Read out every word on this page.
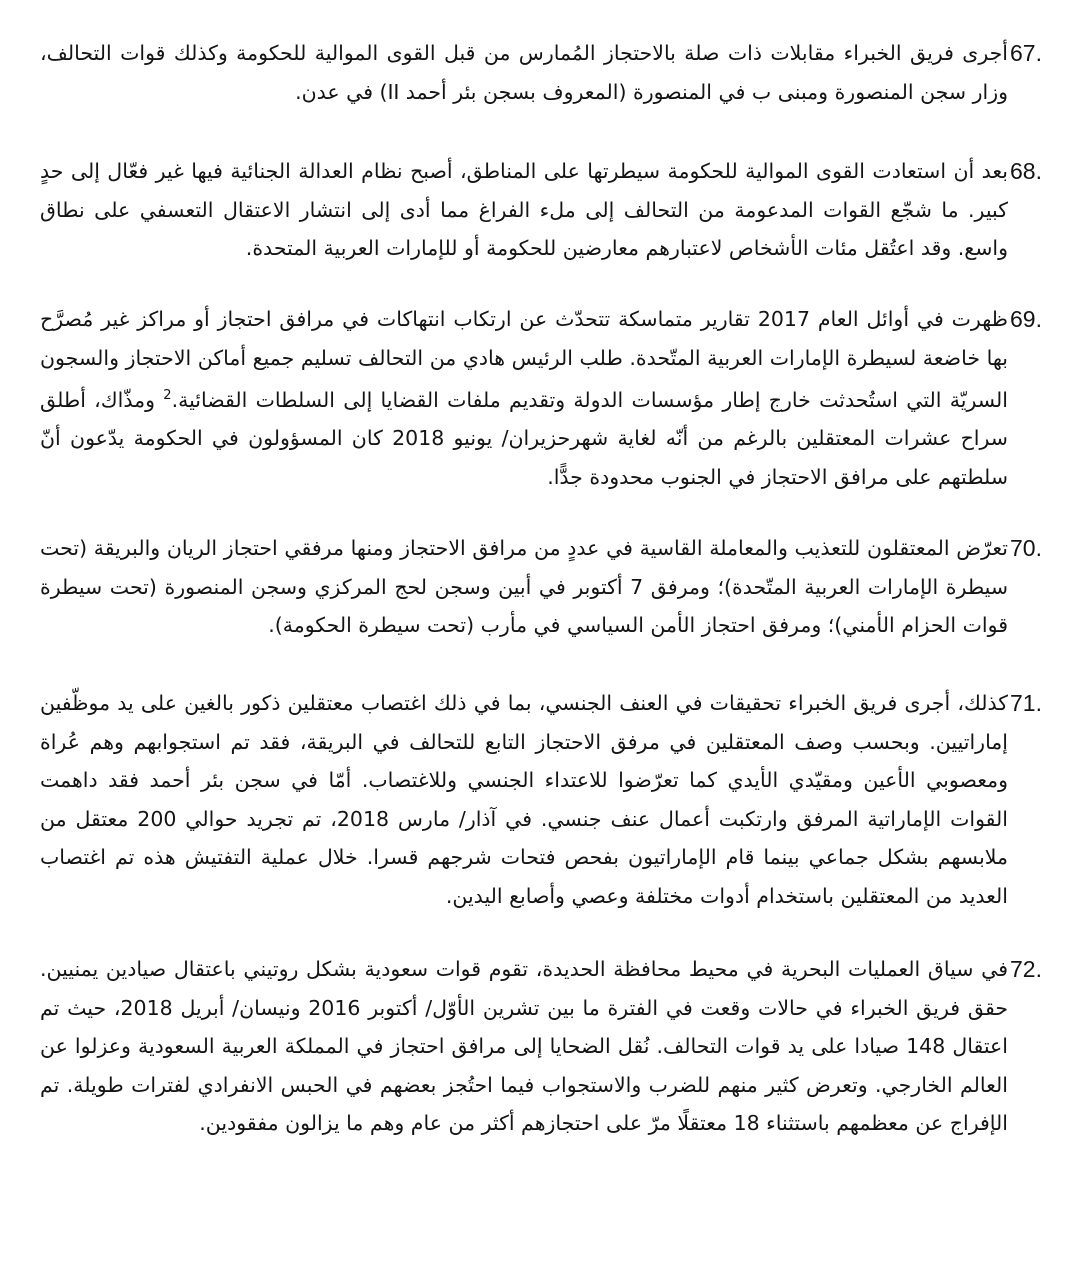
67.
أجرى فريق الخبراء مقابلات ذات صلة بالاحتجاز المُمارس من قبل القوى الموالية للحكومة وكذلك قوات التحالف، وزار سجن المنصورة ومبنى ب في المنصورة (المعروف بسجن بئر أحمد II) في عدن.
68.
بعد أن استعادت القوى الموالية للحكومة سيطرتها على المناطق، أصبح نظام العدالة الجنائية فيها غير فعّال إلى حدٍ كبير. ما شجّع القوات المدعومة من التحالف إلى ملء الفراغ مما أدى إلى انتشار الاعتقال التعسفي على نطاق واسع. وقد اعتُقل مئات الأشخاص لاعتبارهم معارضين للحكومة أو للإمارات العربية المتحدة.
69.
ظهرت في أوائل العام 2017 تقارير متماسكة تتحدّث عن ارتكاب انتهاكات في مرافق احتجاز أو مراكز غير مُصرَّح بها خاضعة لسيطرة الإمارات العربية المتّحدة. طلب الرئيس هادي من التحالف تسليم جميع أماكن الاحتجاز والسجون السريّة التي استُحدثت خارج إطار مؤسسات الدولة وتقديم ملفات القضايا إلى السلطات القضائية.$^2$ ومذّاك، أطلق سراح عشرات المعتقلين بالرغم من أنّه لغاية شهرحزيران/ يونيو 2018 كان المسؤولون في الحكومة يدّعون أنّ سلطتهم على مرافق الاحتجاز في الجنوب محدودة جدًّا.
70.
تعرّض المعتقلون للتعذيب والمعاملة القاسية في عددٍ من مرافق الاحتجاز ومنها مرفقي احتجاز الريان والبريقة (تحت سيطرة الإمارات العربية المتّحدة)؛ ومرفق 7 أكتوبر في أبين وسجن لحج المركزي وسجن المنصورة (تحت سيطرة قوات الحزام الأمني)؛ ومرفق احتجاز الأمن السياسي في مأرب (تحت سيطرة الحكومة).
71.
كذلك، أجرى فريق الخبراء تحقيقات في العنف الجنسي، بما في ذلك اغتصاب معتقلين ذكور بالغين على يد موظّفين إماراتيين. وبحسب وصف المعتقلين في مرفق الاحتجاز التابع للتحالف في البريقة، فقد تم استجوابهم وهم عُراة ومعصوبي الأعين ومقيّدي الأيدي كما تعرّضوا للاعتداء الجنسي وللاغتصاب. أمّا في سجن بئر أحمد فقد داهمت القوات الإماراتية المرفق وارتكبت أعمال عنف جنسي. في آذار/ مارس 2018، تم تجريد حوالي 200 معتقل من ملابسهم بشكل جماعي بينما قام الإماراتيون بفحص فتحات شرجهم قسرا. خلال عملية التفتيش هذه تم اغتصاب العديد من المعتقلين باستخدام أدوات مختلفة وعصي وأصابع اليدين.
72.
في سياق العمليات البحرية في محيط محافظة الحديدة، تقوم قوات سعودية بشكل روتيني باعتقال صيادين يمنيين. حقق فريق الخبراء في حالات وقعت في الفترة ما بين تشرين الأوّل/ أكتوبر 2016 ونيسان/ أبريل 2018، حيث تم اعتقال 148 صيادا على يد قوات التحالف. نُقل الضحايا إلى مرافق احتجاز في المملكة العربية السعودية وعزلوا عن العالم الخارجي. وتعرض كثير منهم للضرب والاستجواب فيما احتُجز بعضهم في الحبس الانفرادي لفترات طويلة. تم الإفراج عن معظمهم باستثناء 18 معتقلًا مرّ على احتجازهم أكثر من عام وهم ما يزالون مفقودين.
